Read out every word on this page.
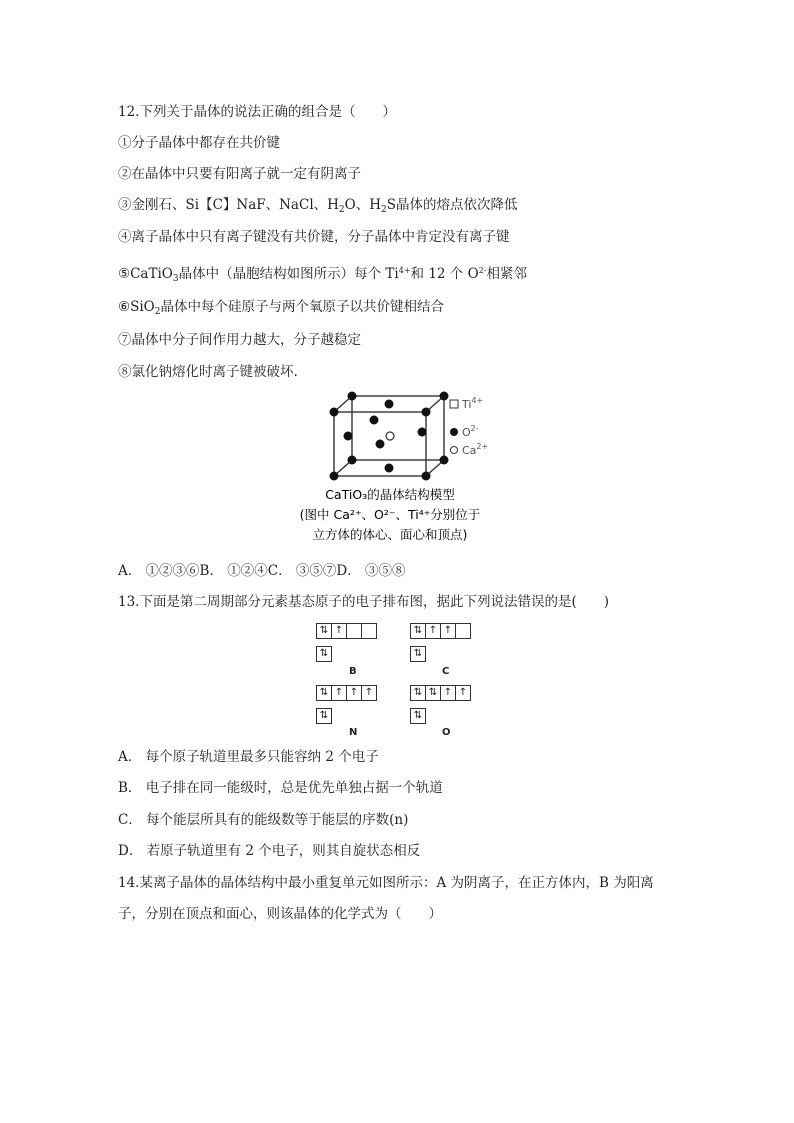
12.下列关于晶体的说法正确的组合是（　　）
①分子晶体中都存在共价键
②在晶体中只要有阳离子就一定有阴离子
③金刚石、Si【C】NaF、NaCl、$H_2O$、$H_2S$晶体的熔点依次降低
④离子晶体中只有离子键没有共价键，分子晶体中肯定没有离子键
⑤CaTiO$_3$晶体中（晶胞结构如图所示）每个 $Ti^{4+}$和 12 个 $O^{2-}$相紧邻
⑥SiO$_2$晶体中每个硅原子与两个氧原子以共价键相结合
⑦晶体中分子间作用力越大，分子越稳定
⑧氯化钠熔化时离子键被破坏.
$Ti^{4+}$
$O^{2-}$
$Ca^{2+}$
CaTiO₃的晶体结构模型
(图中 Ca²⁺、O²⁻、Ti⁴⁺分别位于
立方体的体心、面心和顶点)
A． ①②③⑥B． ①②④C． ③⑤⑦D． ③⑤⑧
13.下面是第二周期部分元素基态原子的电子排布图，据此下列说法错误的是(　　)
⇅ ↑
⇅
B
⇅ ↑ ↑
⇅
C
⇅ ↑ ↑ ↑
⇅
N
⇅ ⇅ ↑ ↑
⇅
O
A． 每个原子轨道里最多只能容纳 2 个电子
B． 电子排在同一能级时，总是优先单独占据一个轨道
C． 每个能层所具有的能级数等于能层的序数(n)
D． 若原子轨道里有 2 个电子，则其自旋状态相反
14.某离子晶体的晶体结构中最小重复单元如图所示：A 为阴离子，在正方体内，B 为阳离
子，分别在顶点和面心，则该晶体的化学式为（　　）
